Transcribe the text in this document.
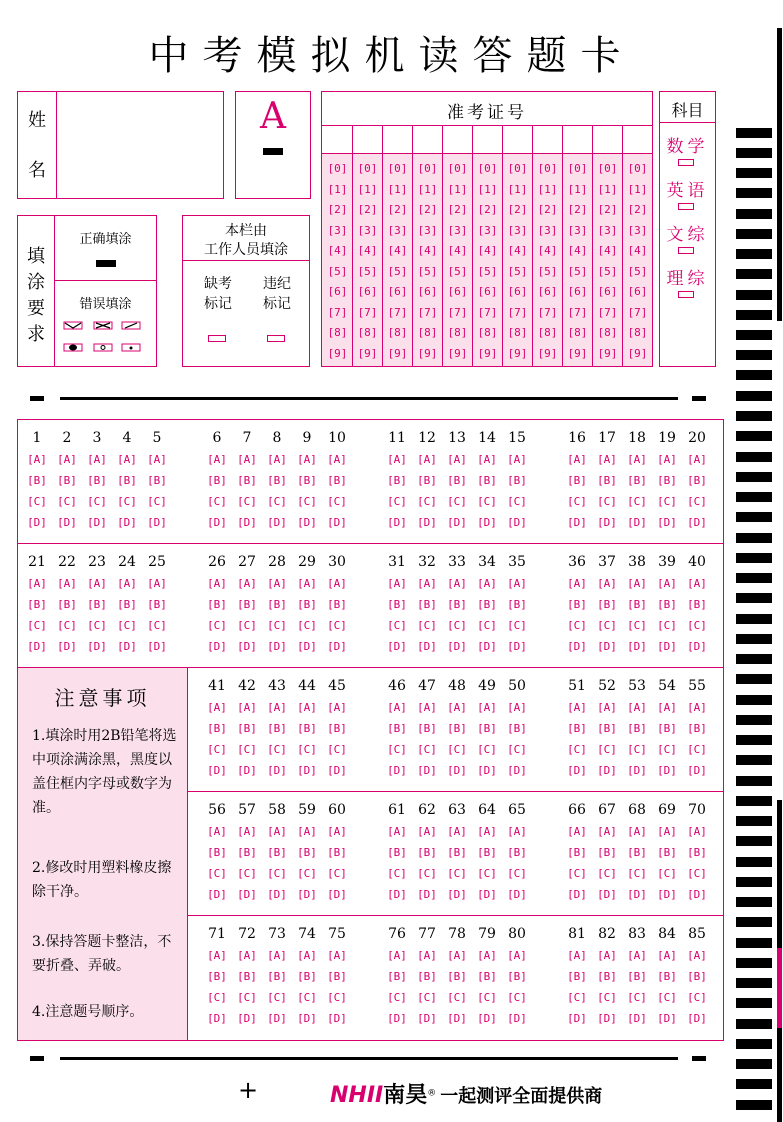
中考模拟机读答题卡
姓
名
A	准考证号
[0]
[1]
[2]
[3]
[4]
[5]
[6]
[7]
[8]
[9]
[0]
[1]
[2]
[3]
[4]
[5]
[6]
[7]
[8]
[9]
[0]
[1]
[2]
[3]
[4]
[5]
[6]
[7]
[8]
[9]
[0]
[1]
[2]
[3]
[4]
[5]
[6]
[7]
[8]
[9]
[0]
[1]
[2]
[3]
[4]
[5]
[6]
[7]
[8]
[9]
[0]
[1]
[2]
[3]
[4]
[5]
[6]
[7]
[8]
[9]
[0]
[1]
[2]
[3]
[4]
[5]
[6]
[7]
[8]
[9]
[0]
[1]
[2]
[3]
[4]
[5]
[6]
[7]
[8]
[9]
[0]
[1]
[2]
[3]
[4]
[5]
[6]
[7]
[8]
[9]
[0]
[1]
[2]
[3]
[4]
[5]
[6]
[7]
[8]
[9]
[0]
[1]
[2]
[3]
[4]
[5]
[6]
[7]
[8]
[9]
科目
数学
英语
文综
理综
填涂要求
正确填涂
错误填涂
本栏由
工作人员填涂
缺考标记
违纪标记
注意事项
1.填涂时用2B铅笔将选中项涂满涂黑，黑度以盖住框内字母或数字为准。
2.修改时用塑料橡皮擦除干净。
3.保持答题卡整洁，不要折叠、弄破。
4.注意题号顺序。
1
[A]
[B]
[C]
[D]
2
[A]
[B]
[C]
[D]
3
[A]
[B]
[C]
[D]
4
[A]
[B]
[C]
[D]
5
[A]
[B]
[C]
[D]
6
[A]
[B]
[C]
[D]
7
[A]
[B]
[C]
[D]
8
[A]
[B]
[C]
[D]
9
[A]
[B]
[C]
[D]
10
[A]
[B]
[C]
[D]
11
[A]
[B]
[C]
[D]
12
[A]
[B]
[C]
[D]
13
[A]
[B]
[C]
[D]
14
[A]
[B]
[C]
[D]
15
[A]
[B]
[C]
[D]
16
[A]
[B]
[C]
[D]
17
[A]
[B]
[C]
[D]
18
[A]
[B]
[C]
[D]
19
[A]
[B]
[C]
[D]
20
[A]
[B]
[C]
[D]
21
[A]
[B]
[C]
[D]
22
[A]
[B]
[C]
[D]
23
[A]
[B]
[C]
[D]
24
[A]
[B]
[C]
[D]
25
[A]
[B]
[C]
[D]
26
[A]
[B]
[C]
[D]
27
[A]
[B]
[C]
[D]
28
[A]
[B]
[C]
[D]
29
[A]
[B]
[C]
[D]
30
[A]
[B]
[C]
[D]
31
[A]
[B]
[C]
[D]
32
[A]
[B]
[C]
[D]
33
[A]
[B]
[C]
[D]
34
[A]
[B]
[C]
[D]
35
[A]
[B]
[C]
[D]
36
[A]
[B]
[C]
[D]
37
[A]
[B]
[C]
[D]
38
[A]
[B]
[C]
[D]
39
[A]
[B]
[C]
[D]
40
[A]
[B]
[C]
[D]
41
[A]
[B]
[C]
[D]
42
[A]
[B]
[C]
[D]
43
[A]
[B]
[C]
[D]
44
[A]
[B]
[C]
[D]
45
[A]
[B]
[C]
[D]
46
[A]
[B]
[C]
[D]
47
[A]
[B]
[C]
[D]
48
[A]
[B]
[C]
[D]
49
[A]
[B]
[C]
[D]
50
[A]
[B]
[C]
[D]
51
[A]
[B]
[C]
[D]
52
[A]
[B]
[C]
[D]
53
[A]
[B]
[C]
[D]
54
[A]
[B]
[C]
[D]
55
[A]
[B]
[C]
[D]
56
[A]
[B]
[C]
[D]
57
[A]
[B]
[C]
[D]
58
[A]
[B]
[C]
[D]
59
[A]
[B]
[C]
[D]
60
[A]
[B]
[C]
[D]
61
[A]
[B]
[C]
[D]
62
[A]
[B]
[C]
[D]
63
[A]
[B]
[C]
[D]
64
[A]
[B]
[C]
[D]
65
[A]
[B]
[C]
[D]
66
[A]
[B]
[C]
[D]
67
[A]
[B]
[C]
[D]
68
[A]
[B]
[C]
[D]
69
[A]
[B]
[C]
[D]
70
[A]
[B]
[C]
[D]
71
[A]
[B]
[C]
[D]
72
[A]
[B]
[C]
[D]
73
[A]
[B]
[C]
[D]
74
[A]
[B]
[C]
[D]
75
[A]
[B]
[C]
[D]
76
[A]
[B]
[C]
[D]
77
[A]
[B]
[C]
[D]
78
[A]
[B]
[C]
[D]
79
[A]
[B]
[C]
[D]
80
[A]
[B]
[C]
[D]
81
[A]
[B]
[C]
[D]
82
[A]
[B]
[C]
[D]
83
[A]
[B]
[C]
[D]
84
[A]
[B]
[C]
[D]
85
[A]
[B]
[C]
[D]
+	NHII南昊® 一起测评全面提供商
